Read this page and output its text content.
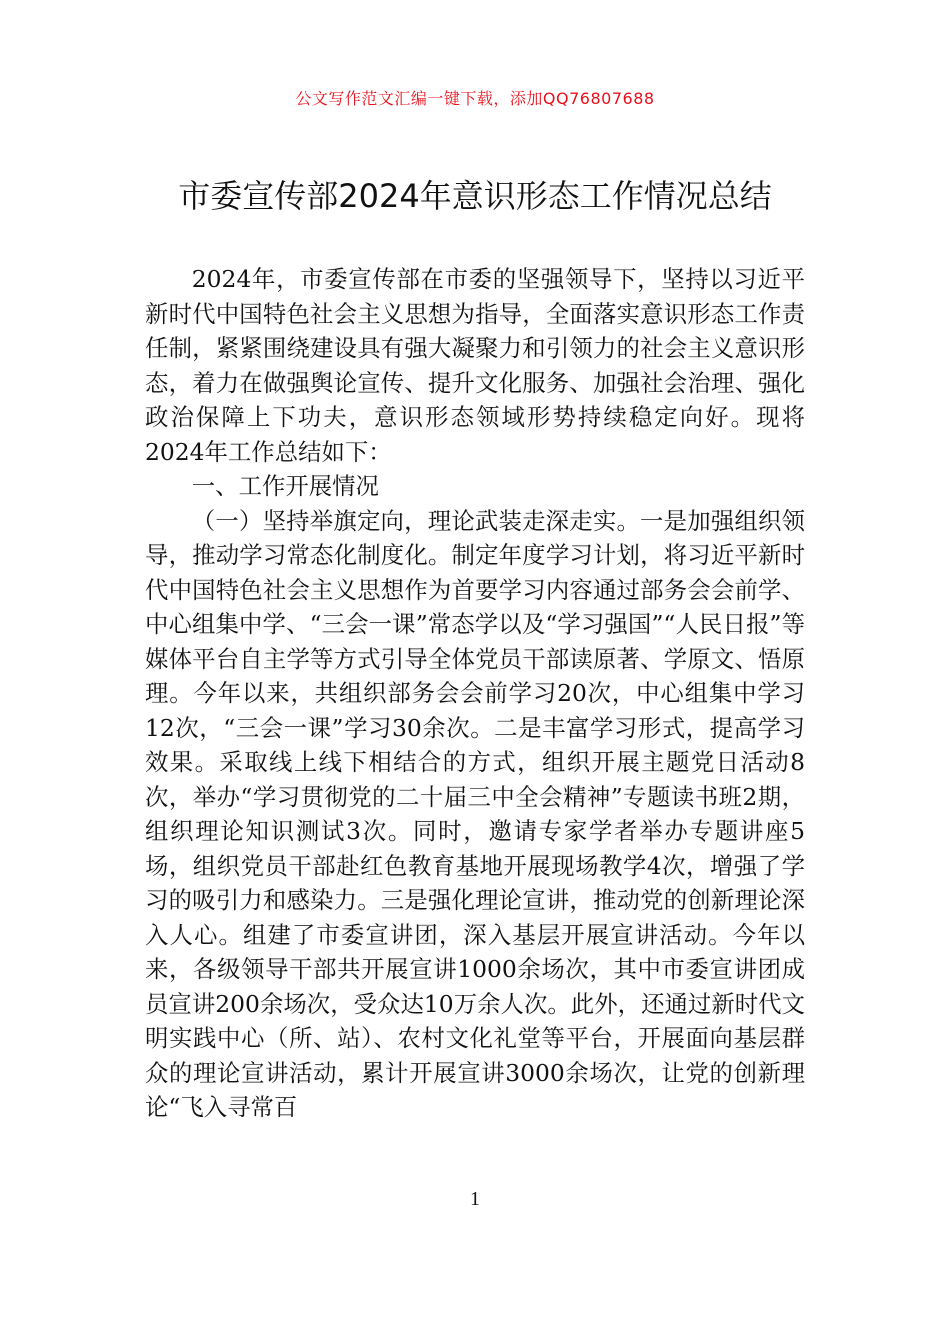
公文写作范文汇编一键下载，添加QQ76807688
市委宣传部2024年意识形态工作情况总结

2024年，市委宣传部在市委的坚强领导下，坚持以习近平新时代中国特色社会主义思想为指导，全面落实意识形态工作责任制，紧紧围绕建设具有强大凝聚力和引领力的社会主义意识形态，着力在做强舆论宣传、提升文化服务、加强社会治理、强化政治保障上下功夫，意识形态领域形势持续稳定向好。现将2024年工作总结如下：

一、工作开展情况

（一）坚持举旗定向，理论武装走深走实。一是加强组织领导，推动学习常态化制度化。制定年度学习计划，将习近平新时代中国特色社会主义思想作为首要学习内容通过部务会会前学、中心组集中学、“三会一课”常态学以及“学习强国”“人民日报”等媒体平台自主学等方式引导全体党员干部读原著、学原文、悟原理。今年以来，共组织部务会会前学习20次，中心组集中学习12次，“三会一课”学习30余次。二是丰富学习形式，提高学习效果。采取线上线下相结合的方式，组织开展主题党日活动8次，举办“学习贯彻党的二十届三中全会精神”专题读书班2期，组织理论知识测试3次。同时，邀请专家学者举办专题讲座5场，组织党员干部赴红色教育基地开展现场教学4次，增强了学习的吸引力和感染力。三是强化理论宣讲，推动党的创新理论深入人心。组建了市委宣讲团，深入基层开展宣讲活动。今年以来，各级领导干部共开展宣讲1000余场次，其中市委宣讲团成员宣讲200余场次，受众达10万余人次。此外，还通过新时代文明实践中心（所、站）、农村文化礼堂等平台，开展面向基层群众的理论宣讲活动，累计开展宣讲3000余场次，让党的创新理论“飞入寻常百

1
